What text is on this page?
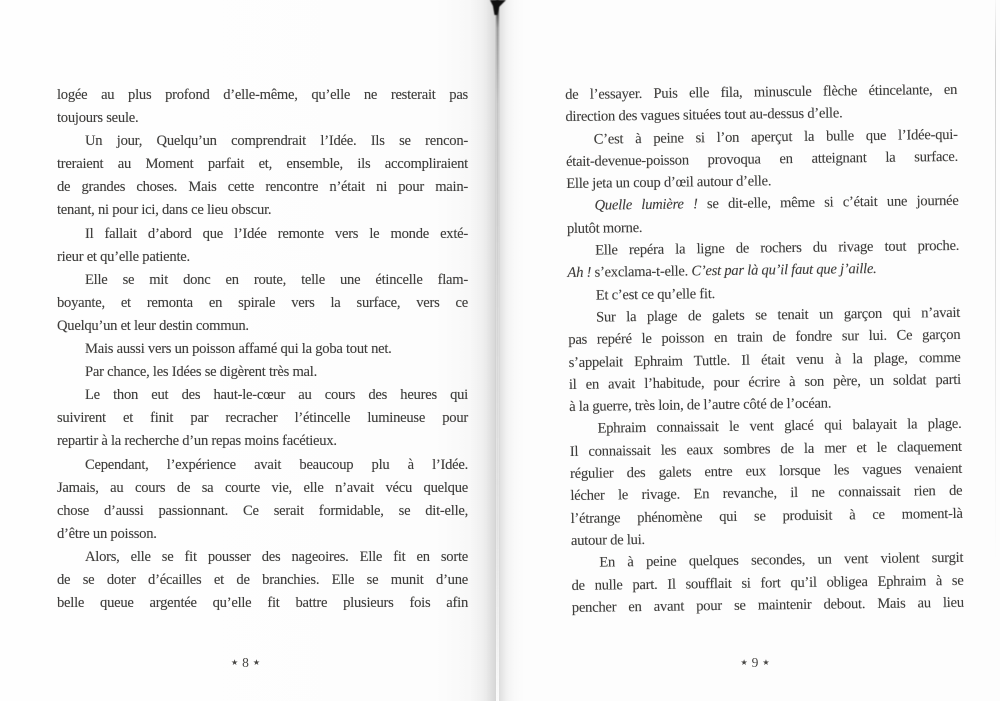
logée au plus profond d’elle-même, qu’elle ne resterait pas
toujours seule.
Un jour, Quelqu’un comprendrait l’Idée. Ils se rencon-
treraient au Moment parfait et, ensemble, ils accompliraient
de grandes choses. Mais cette rencontre n’était ni pour main-
tenant, ni pour ici, dans ce lieu obscur.
Il fallait d’abord que l’Idée remonte vers le monde exté-
rieur et qu’elle patiente.
Elle se mit donc en route, telle une étincelle flam-
boyante, et remonta en spirale vers la surface, vers ce
Quelqu’un et leur destin commun.
Mais aussi vers un poisson affamé qui la goba tout net.
Par chance, les Idées se digèrent très mal.
Le thon eut des haut-le-cœur au cours des heures qui
suivirent et finit par recracher l’étincelle lumineuse pour
repartir à la recherche d’un repas moins facétieux.
Cependant, l’expérience avait beaucoup plu à l’Idée.
Jamais, au cours de sa courte vie, elle n’avait vécu quelque
chose d’aussi passionnant. Ce serait formidable, se dit-elle,
d’être un poisson.
Alors, elle se fit pousser des nageoires. Elle fit en sorte
de se doter d’écailles et de branchies. Elle se munit d’une
belle queue argentée qu’elle fit battre plusieurs fois afin
★ 8 ★
de l’essayer. Puis elle fila, minuscule flèche étincelante, en
direction des vagues situées tout au-dessus d’elle.
C’est à peine si l’on aperçut la bulle que l’Idée-qui-
était-devenue-poisson provoqua en atteignant la surface.
Elle jeta un coup d’œil autour d’elle.
Quelle lumière ! se dit-elle, même si c’était une journée
plutôt morne.
Elle repéra la ligne de rochers du rivage tout proche.
Ah ! s’exclama-t-elle. C’est par là qu’il faut que j’aille.
Et c’est ce qu’elle fit.
Sur la plage de galets se tenait un garçon qui n’avait
pas repéré le poisson en train de fondre sur lui. Ce garçon
s’appelait Ephraim Tuttle. Il était venu à la plage, comme
il en avait l’habitude, pour écrire à son père, un soldat parti
à la guerre, très loin, de l’autre côté de l’océan.
Ephraim connaissait le vent glacé qui balayait la plage.
Il connaissait les eaux sombres de la mer et le claquement
régulier des galets entre eux lorsque les vagues venaient
lécher le rivage. En revanche, il ne connaissait rien de
l’étrange phénomène qui se produisit à ce moment-là
autour de lui.
En à peine quelques secondes, un vent violent surgit
de nulle part. Il soufflait si fort qu’il obligea Ephraim à se
pencher en avant pour se maintenir debout. Mais au lieu
★ 9 ★
